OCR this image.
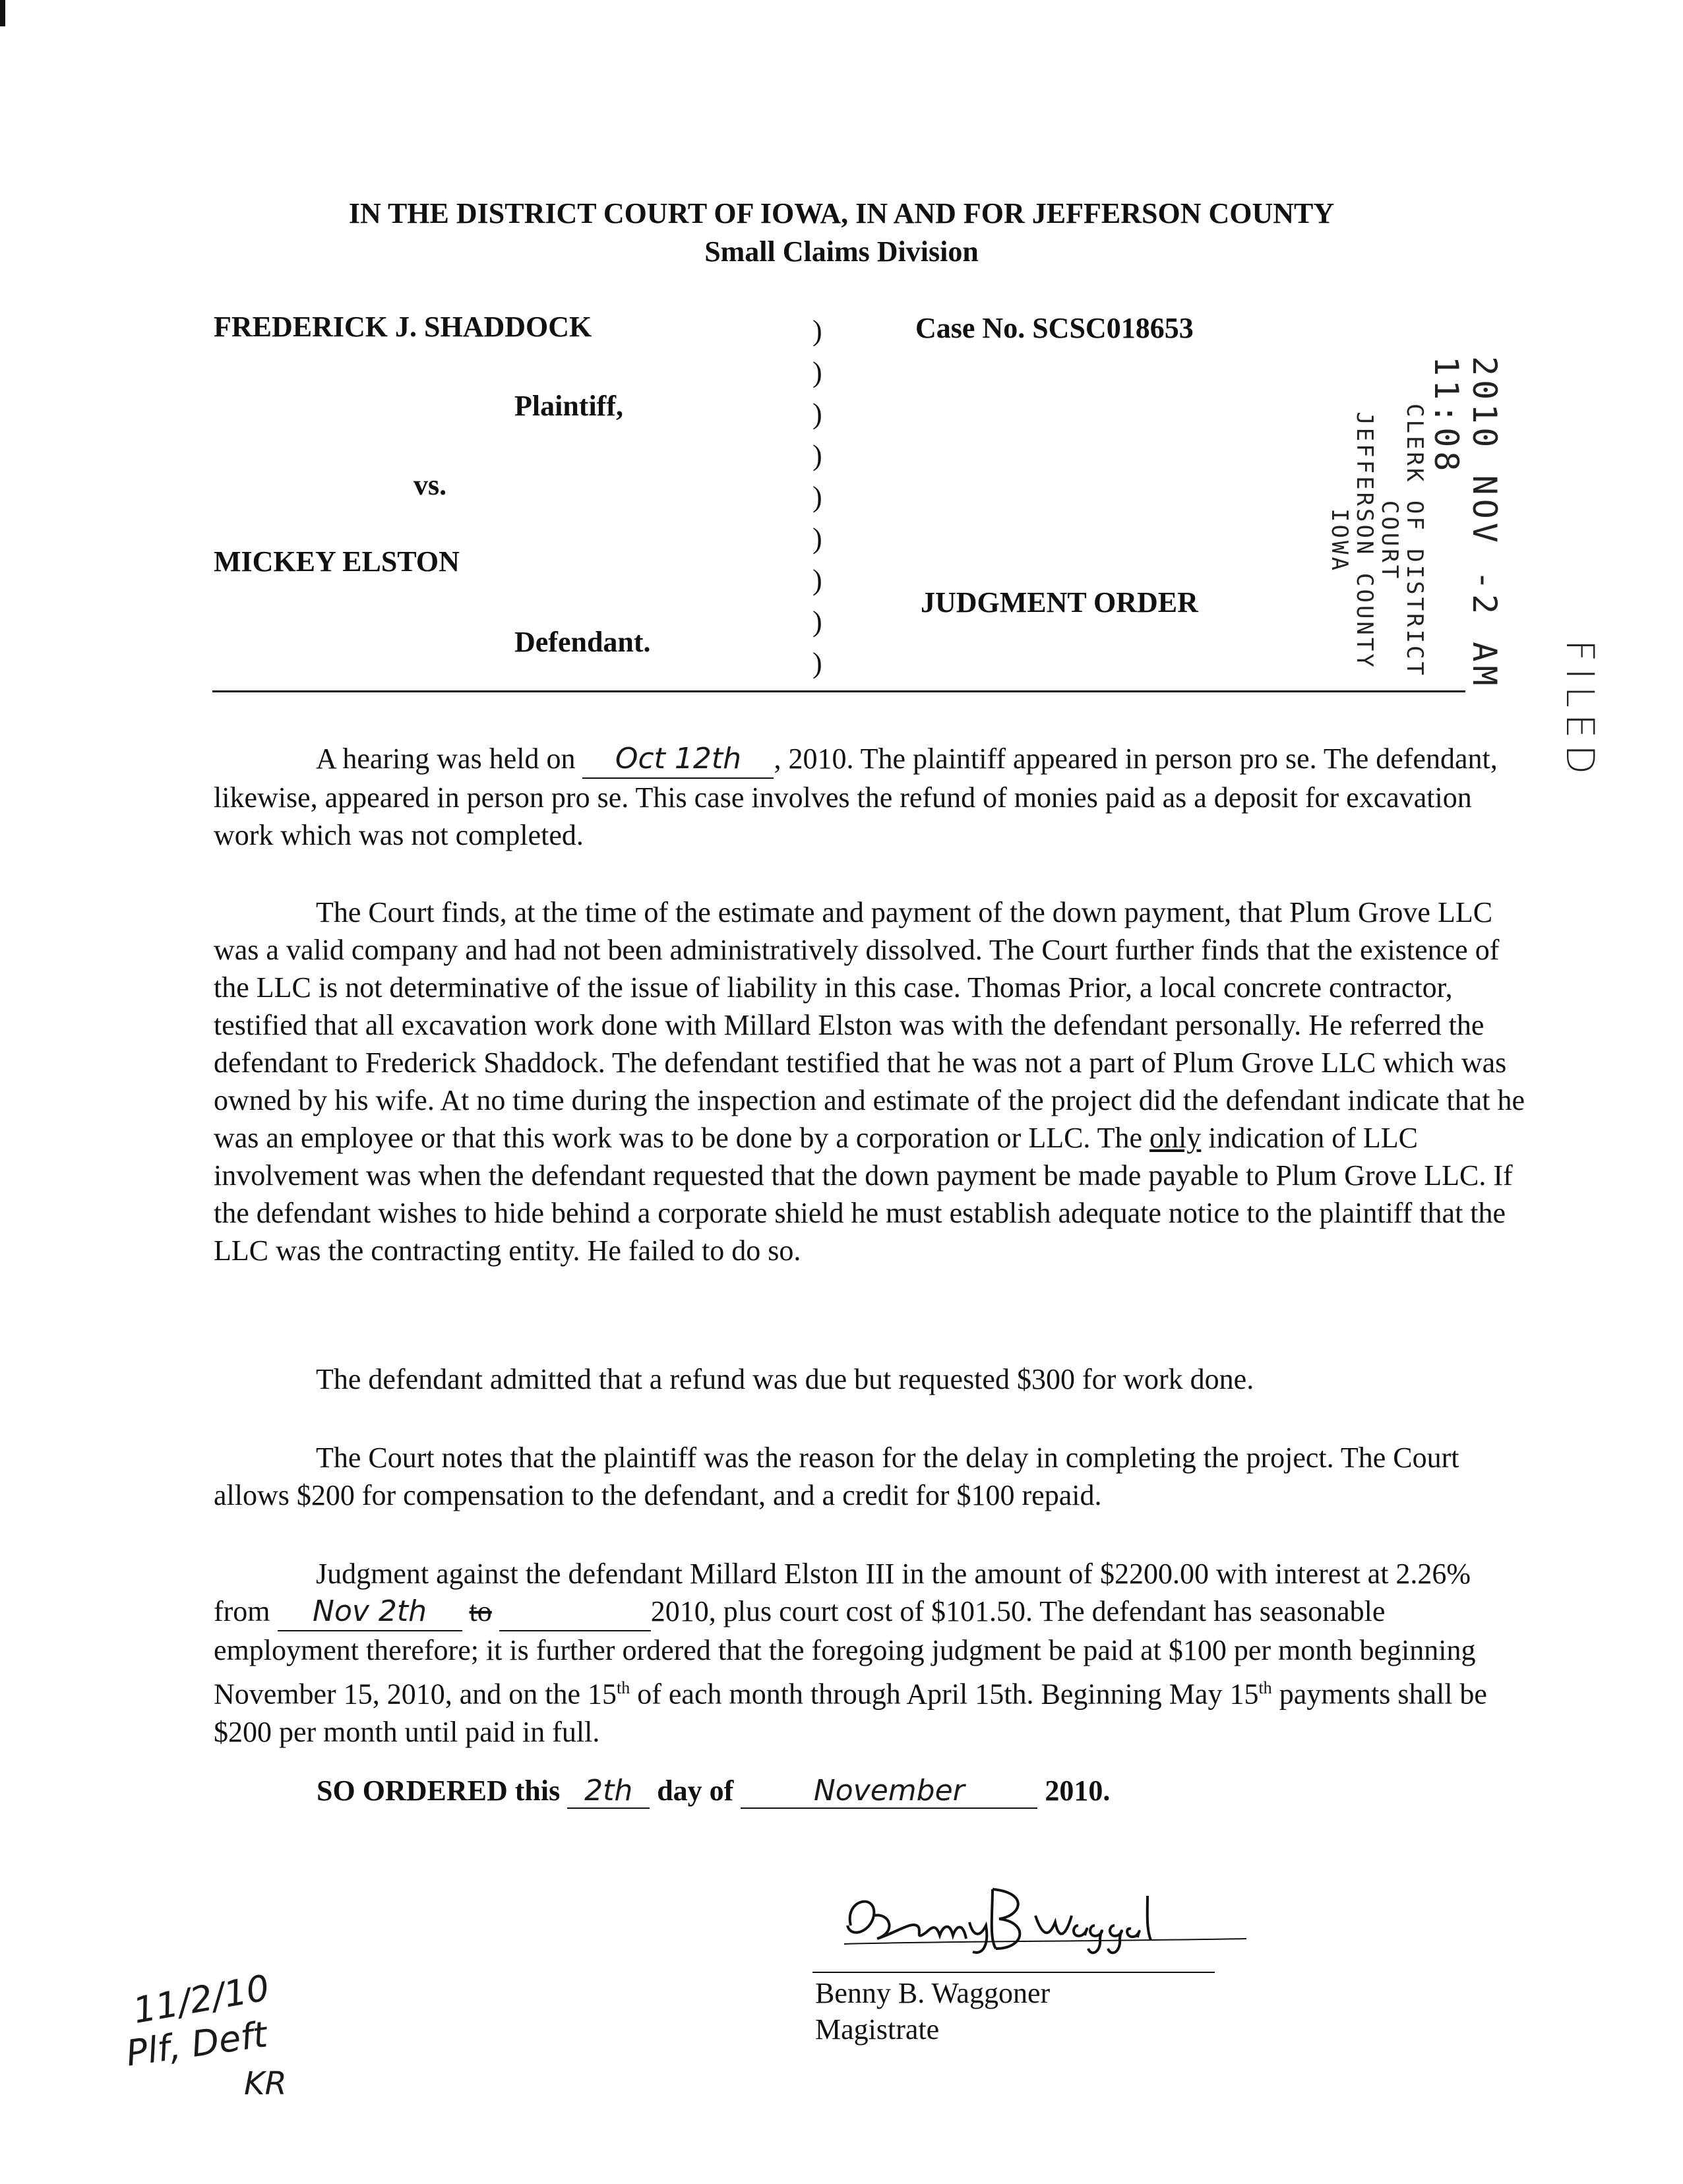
IN THE DISTRICT COURT OF IOWA, IN AND FOR JEFFERSON COUNTY
Small Claims Division
FREDERICK J. SHADDOCK
Plaintiff,
vs.
MICKEY ELSTON
Defendant.
)
)
)
)
)
)
)
)
)
Case No. SCSC018653
JUDGMENT ORDER
FILED
2010 NOV -2 AM 11:08
CLERK OF DISTRICT COURT
JEFFERSON COUNTY
IOWA

A hearing was held on Oct 12th , 2010. The plaintiff appeared in person pro se. The defendant, likewise, appeared in person pro se. This case involves the refund of monies paid as a deposit for excavation work which was not completed.

The Court finds, at the time of the estimate and payment of the down payment, that Plum Grove LLC was a valid company and had not been administratively dissolved. The Court further finds that the existence of the LLC is not determinative of the issue of liability in this case. Thomas Prior, a local concrete contractor, testified that all excavation work done with Millard Elston was with the defendant personally. He referred the defendant to Frederick Shaddock. The defendant testified that he was not a part of Plum Grove LLC which was owned by his wife. At no time during the inspection and estimate of the project did the defendant indicate that he was an employee or that this work was to be done by a corporation or LLC. The only indication of LLC involvement was when the defendant requested that the down payment be made payable to Plum Grove LLC. If the defendant wishes to hide behind a corporate shield he must establish adequate notice to the plaintiff that the LLC was the contracting entity. He failed to do so.

The defendant admitted that a refund was due but requested $300 for work done.

The Court notes that the plaintiff was the reason for the delay in completing the project. The Court allows $200 for compensation to the defendant, and a credit for $100 repaid.

Judgment against the defendant Millard Elston III in the amount of $2200.00 with interest at 2.26% from Nov 2th to	2010, plus court cost of $101.50. The defendant has seasonable employment therefore; it is further ordered that the foregoing judgment be paid at $100 per month beginning November 15, 2010, and on the 15th of each month through April 15th. Beginning May 15th payments shall be $200 per month until paid in full.

SO ORDERED this 2th day of	November	2010.
Benny B. Waggoner
Magistrate
11/2/10
Plf, Deft
KR
